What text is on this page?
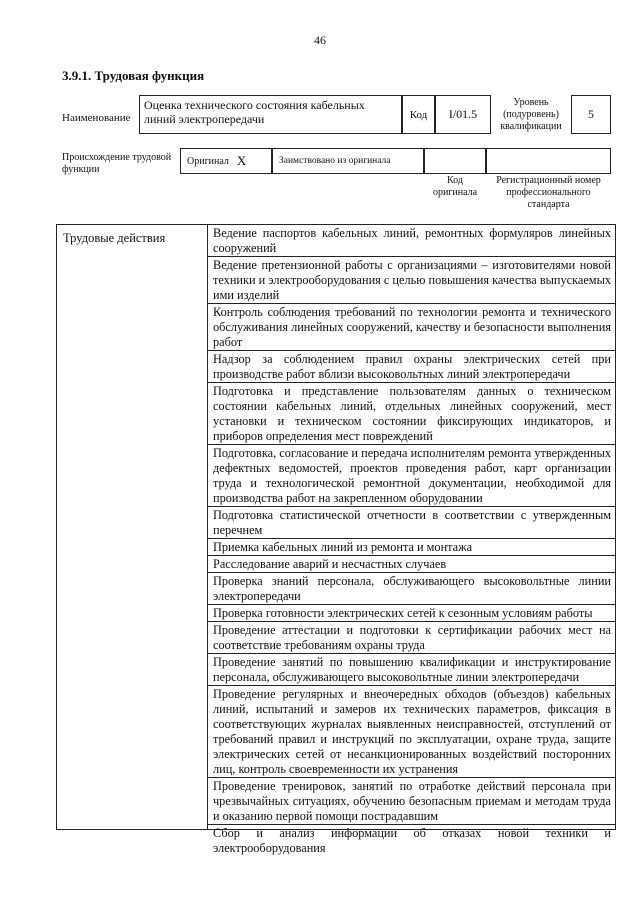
46
3.9.1. Трудовая функция
Наименование
Оценка технического состояния кабельных линий электропередачи	Код	I/01.5
Уровень (подуровень) квалификации
5
Происхождение трудовой функции
Оригинал X	Заимствовано из оригинала
Код оригинала
Регистрационный номер профессионального стандарта
Трудовые действия	Ведение паспортов кабельных линий, ремонтных формуляров линейных сооружений
Ведение претензионной работы с организациями – изготовителями новой техники и электрооборудования с целью повышения качества выпускаемых ими изделий
Контроль соблюдения требований по технологии ремонта и технического обслуживания линейных сооружений, качеству и безопасности выполнения работ
Надзор за соблюдением правил охраны электрических сетей при производстве работ вблизи высоковольтных линий электропередачи
Подготовка и представление пользователям данных о техническом состоянии кабельных линий, отдельных линейных сооружений, мест установки и техническом состоянии фиксирующих индикаторов, и приборов определения мест повреждений
Подготовка, согласование и передача исполнителям ремонта утвержденных дефектных ведомостей, проектов проведения работ, карт организации труда и технологической ремонтной документации, необходимой для производства работ на закрепленном оборудовании
Подготовка статистической отчетности в соответствии с утвержденным перечнем
Приемка кабельных линий из ремонта и монтажа
Расследование аварий и несчастных случаев
Проверка знаний персонала, обслуживающего высоковольтные линии электропередачи
Проверка готовности электрических сетей к сезонным условиям работы
Проведение аттестации и подготовки к сертификации рабочих мест на соответствие требованиям охраны труда
Проведение занятий по повышению квалификации и инструктирование персонала, обслуживающего высоковольтные линии электропередачи
Проведение регулярных и внеочередных обходов (объездов) кабельных линий, испытаний и замеров их технических параметров, фиксация в соответствующих журналах выявленных неисправностей, отступлений от требований правил и инструкций по эксплуатации, охране труда, защите электрических сетей от несанкционированных воздействий посторонних лиц, контроль своевременности их устранения
Проведение тренировок, занятий по отработке действий персонала при чрезвычайных ситуациях, обучению безопасным приемам и методам труда и оказанию первой помощи пострадавшим
Сбор и анализ информации об отказах новой техники и электрооборудования
